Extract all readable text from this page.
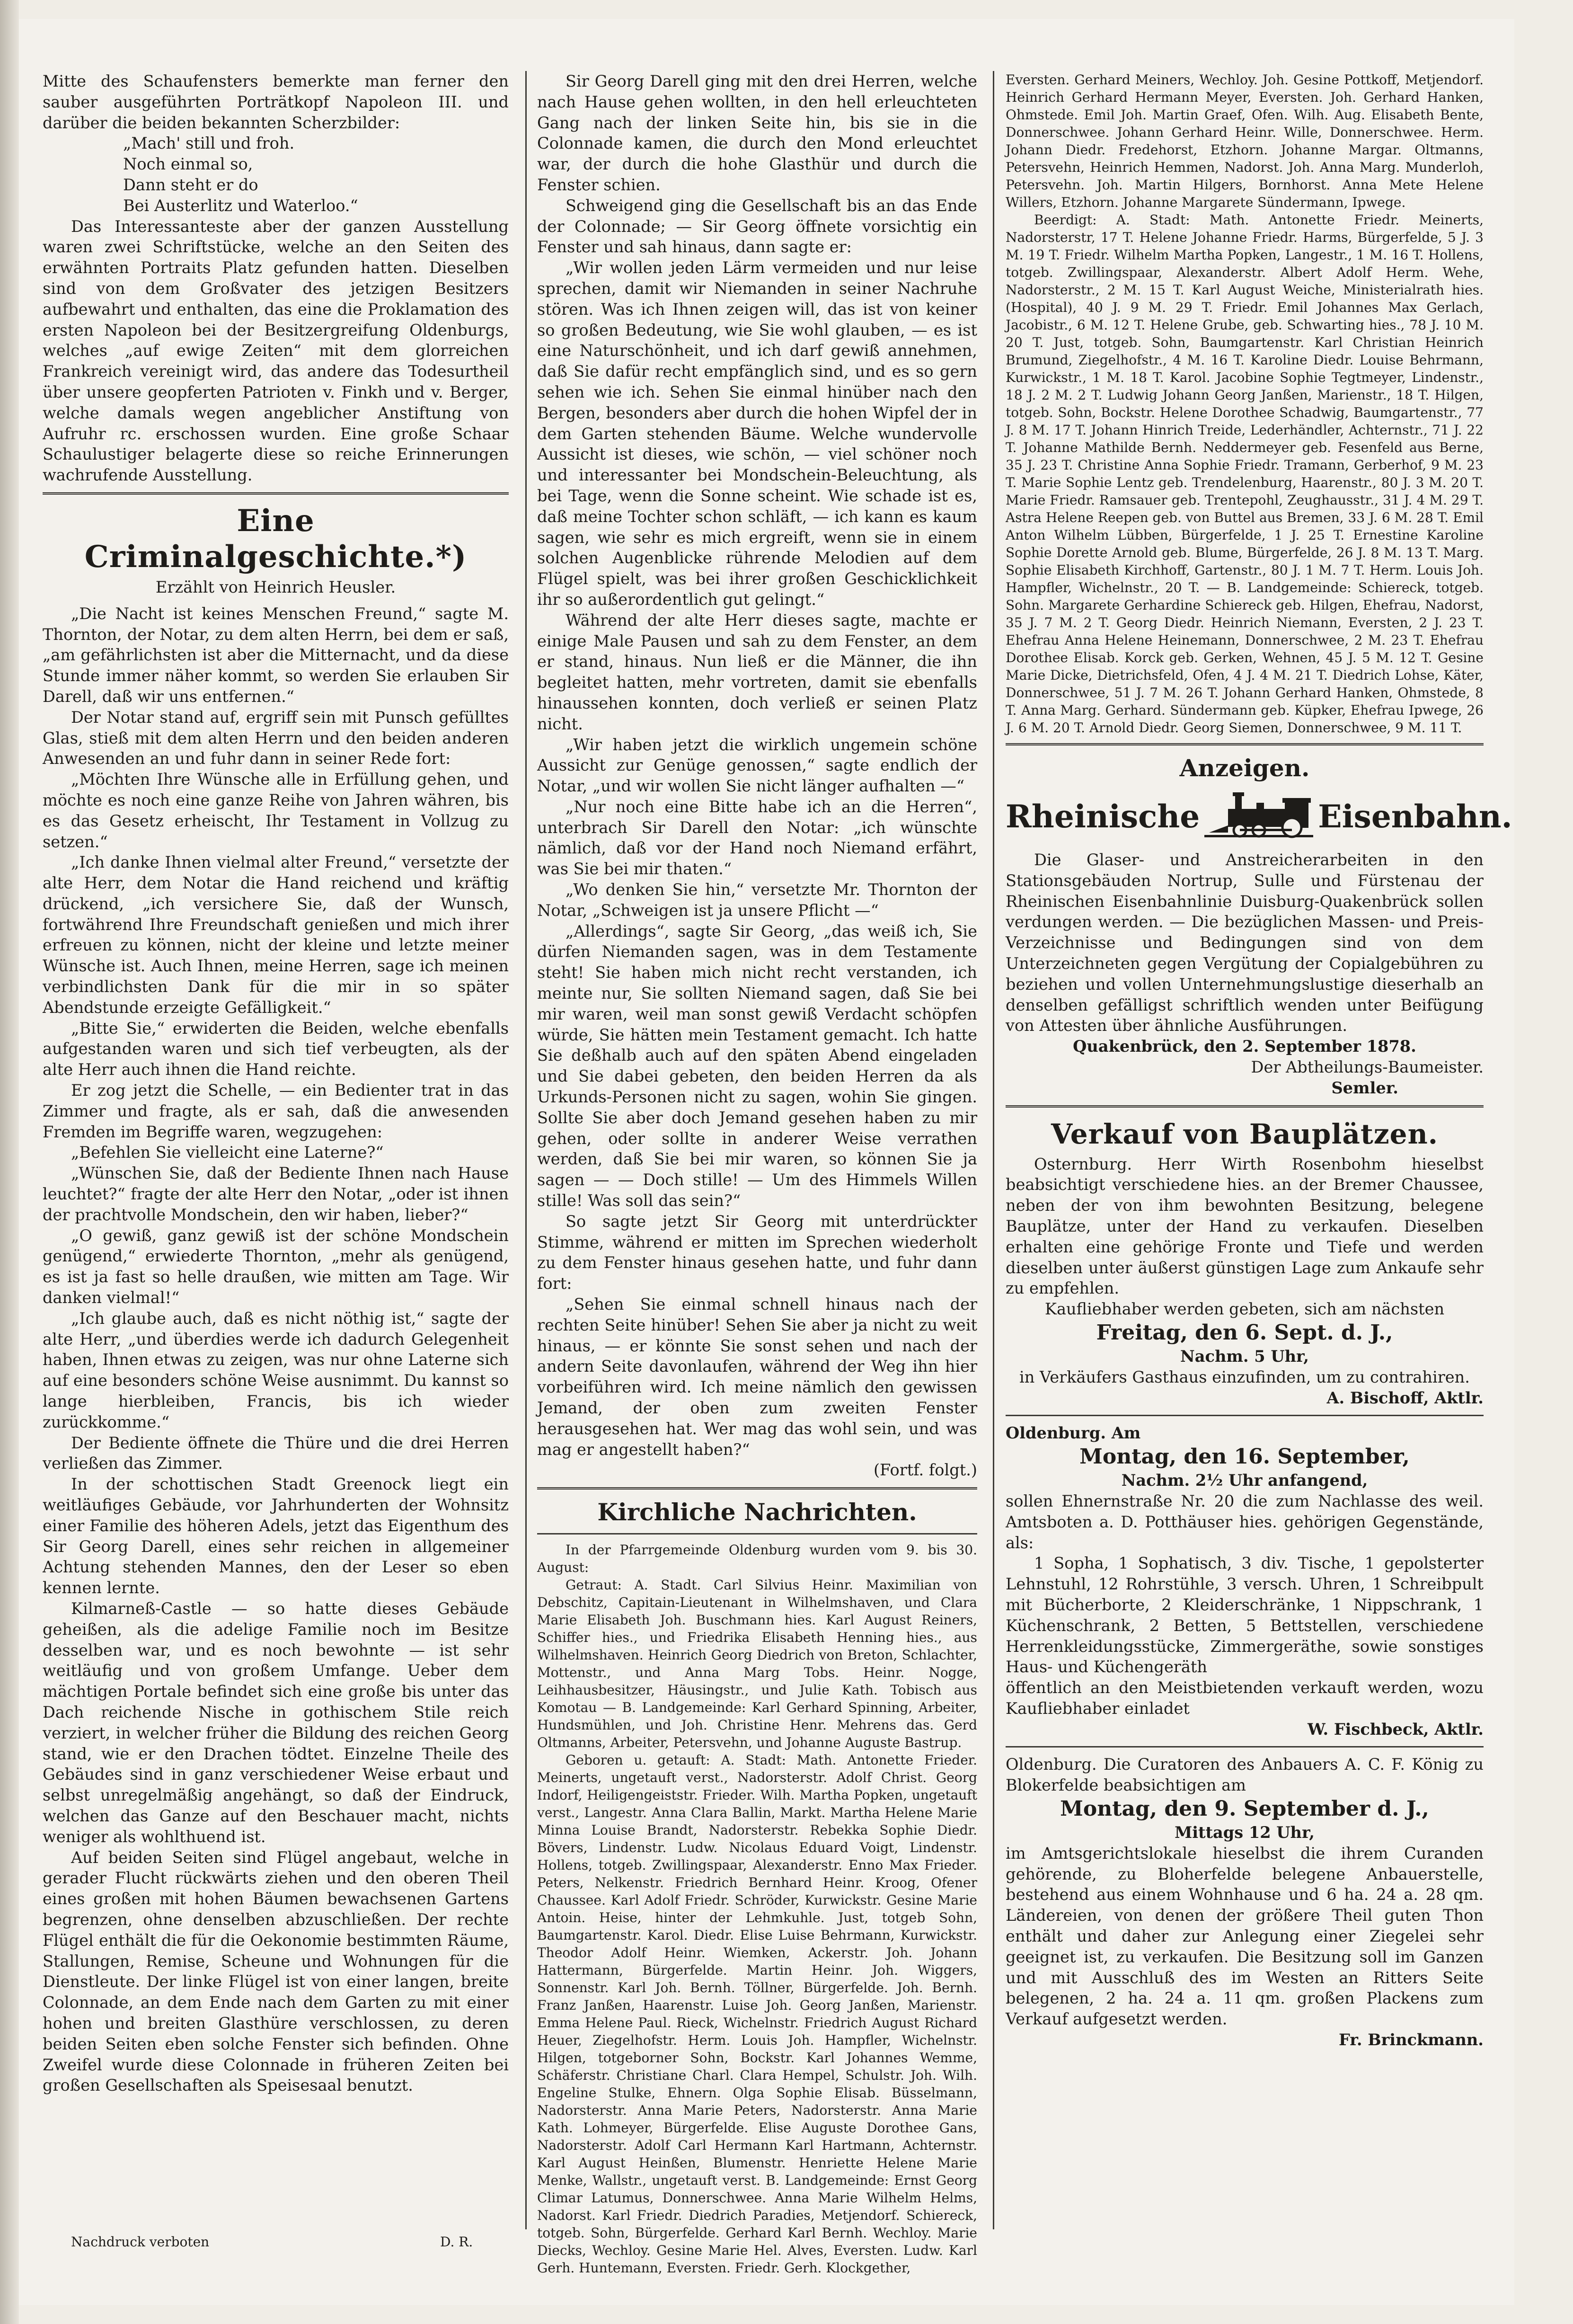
Mitte des Schaufensters bemerkte man ferner den sauber ausgeführten Porträtkopf Napoleon III. und darüber die beiden bekannten Scherzbilder:

„Mach' still und froh.

Noch einmal so,

Dann steht er do

Bei Austerlitz und Waterloo.“

Das Interessanteste aber der ganzen Ausstellung waren zwei Schriftstücke, welche an den Seiten des erwähnten Portraits Platz gefunden hatten. Dieselben sind von dem Großvater des jetzigen Besitzers aufbewahrt und enthalten, das eine die Proklamation des ersten Napoleon bei der Besitzergreifung Oldenburgs, welches „auf ewige Zeiten“ mit dem glorreichen Frankreich vereinigt wird, das andere das Todesurtheil über unsere geopferten Patrioten v. Finkh und v. Berger, welche damals wegen angeblicher Anstiftung von Aufruhr rc. erschossen wurden. Eine große Schaar Schaulustiger belagerte diese so reiche Erinnerungen wachrufende Ausstellung.

Eine Criminalgeschichte.*)

Erzählt von Heinrich Heusler.

„Die Nacht ist keines Menschen Freund,“ sagte M. Thornton, der Notar, zu dem alten Herrn, bei dem er saß, „am gefährlichsten ist aber die Mitternacht, und da diese Stunde immer näher kommt, so werden Sie erlauben Sir Darell, daß wir uns entfernen.“

Der Notar stand auf, ergriff sein mit Punsch gefülltes Glas, stieß mit dem alten Herrn und den beiden anderen Anwesenden an und fuhr dann in seiner Rede fort:

„Möchten Ihre Wünsche alle in Erfüllung gehen, und möchte es noch eine ganze Reihe von Jahren währen, bis es das Gesetz erheischt, Ihr Testament in Vollzug zu setzen.“

„Ich danke Ihnen vielmal alter Freund,“ versetzte der alte Herr, dem Notar die Hand reichend und kräftig drückend, „ich versichere Sie, daß der Wunsch, fortwährend Ihre Freundschaft genießen und mich ihrer erfreuen zu können, nicht der kleine und letzte meiner Wünsche ist. Auch Ihnen, meine Herren, sage ich meinen verbindlichsten Dank für die mir in so später Abendstunde erzeigte Gefälligkeit.“

„Bitte Sie,“ erwiderten die Beiden, welche ebenfalls aufgestanden waren und sich tief verbeugten, als der alte Herr auch ihnen die Hand reichte.

Er zog jetzt die Schelle, — ein Bedienter trat in das Zimmer und fragte, als er sah, daß die anwesenden Fremden im Begriffe waren, wegzugehen:

„Befehlen Sie vielleicht eine Laterne?“

„Wünschen Sie, daß der Bediente Ihnen nach Hause leuchtet?“ fragte der alte Herr den Notar, „oder ist ihnen der prachtvolle Mondschein, den wir haben, lieber?“

„O gewiß, ganz gewiß ist der schöne Mondschein genügend,“ erwiederte Thornton, „mehr als genügend, es ist ja fast so helle draußen, wie mitten am Tage. Wir danken vielmal!“

„Ich glaube auch, daß es nicht nöthig ist,“ sagte der alte Herr, „und überdies werde ich dadurch Gelegenheit haben, Ihnen etwas zu zeigen, was nur ohne Laterne sich auf eine besonders schöne Weise ausnimmt. Du kannst so lange hierbleiben, Francis, bis ich wieder zurückkomme.“

Der Bediente öffnete die Thüre und die drei Herren verließen das Zimmer.

In der schottischen Stadt Greenock liegt ein weitläufiges Gebäude, vor Jahrhunderten der Wohnsitz einer Familie des höheren Adels, jetzt das Eigenthum des Sir Georg Darell, eines sehr reichen in allgemeiner Achtung stehenden Mannes, den der Leser so eben kennen lernte.

Kilmarneß-Castle — so hatte dieses Gebäude geheißen, als die adelige Familie noch im Besitze desselben war, und es noch bewohnte — ist sehr weitläufig und von großem Umfange. Ueber dem mächtigen Portale befindet sich eine große bis unter das Dach reichende Nische in gothischem Stile reich verziert, in welcher früher die Bildung des reichen Georg stand, wie er den Drachen tödtet. Einzelne Theile des Gebäudes sind in ganz verschiedener Weise erbaut und selbst unregelmäßig angehängt, so daß der Eindruck, welchen das Ganze auf den Beschauer macht, nichts weniger als wohlthuend ist.

Auf beiden Seiten sind Flügel angebaut, welche in gerader Flucht rückwärts ziehen und den oberen Theil eines großen mit hohen Bäumen bewachsenen Gartens begrenzen, ohne denselben abzuschließen. Der rechte Flügel enthält die für die Oekonomie bestimmten Räume, Stallungen, Remise, Scheune und Wohnungen für die Dienstleute. Der linke Flügel ist von einer langen, breite Colonnade, an dem Ende nach dem Garten zu mit einer hohen und breiten Glasthüre verschlossen, zu deren beiden Seiten eben solche Fenster sich befinden. Ohne Zweifel wurde diese Colonnade in früheren Zeiten bei großen Gesellschaften als Speisesaal benutzt.

Nachdruck verboten	D. R.

Sir Georg Darell ging mit den drei Herren, welche nach Hause gehen wollten, in den hell erleuchteten Gang nach der linken Seite hin, bis sie in die Colonnade kamen, die durch den Mond erleuchtet war, der durch die hohe Glasthür und durch die Fenster schien.

Schweigend ging die Gesellschaft bis an das Ende der Colonnade; — Sir Georg öffnete vorsichtig ein Fenster und sah hinaus, dann sagte er:

„Wir wollen jeden Lärm vermeiden und nur leise sprechen, damit wir Niemanden in seiner Nachruhe stören. Was ich Ihnen zeigen will, das ist von keiner so großen Bedeutung, wie Sie wohl glauben, — es ist eine Naturschönheit, und ich darf gewiß annehmen, daß Sie dafür recht empfänglich sind, und es so gern sehen wie ich. Sehen Sie einmal hinüber nach den Bergen, besonders aber durch die hohen Wipfel der in dem Garten stehenden Bäume. Welche wundervolle Aussicht ist dieses, wie schön, — viel schöner noch und interessanter bei Mondschein-Beleuchtung, als bei Tage, wenn die Sonne scheint. Wie schade ist es, daß meine Tochter schon schläft, — ich kann es kaum sagen, wie sehr es mich ergreift, wenn sie in einem solchen Augenblicke rührende Melodien auf dem Flügel spielt, was bei ihrer großen Geschicklichkeit ihr so außerordentlich gut gelingt.“

Während der alte Herr dieses sagte, machte er einige Male Pausen und sah zu dem Fenster, an dem er stand, hinaus. Nun ließ er die Männer, die ihn begleitet hatten, mehr vortreten, damit sie ebenfalls hinaussehen konnten, doch verließ er seinen Platz nicht.

„Wir haben jetzt die wirklich ungemein schöne Aussicht zur Genüge genossen,“ sagte endlich der Notar, „und wir wollen Sie nicht länger aufhalten —“

„Nur noch eine Bitte habe ich an die Herren“, unterbrach Sir Darell den Notar: „ich wünschte nämlich, daß vor der Hand noch Niemand erfährt, was Sie bei mir thaten.“

„Wo denken Sie hin,“ versetzte Mr. Thornton der Notar, „Schweigen ist ja unsere Pflicht —“

„Allerdings“, sagte Sir Georg, „das weiß ich, Sie dürfen Niemanden sagen, was in dem Testamente steht! Sie haben mich nicht recht verstanden, ich meinte nur, Sie sollten Niemand sagen, daß Sie bei mir waren, weil man sonst gewiß Verdacht schöpfen würde, Sie hätten mein Testament gemacht. Ich hatte Sie deßhalb auch auf den späten Abend eingeladen und Sie dabei gebeten, den beiden Herren da als Urkunds-Personen nicht zu sagen, wohin Sie gingen. Sollte Sie aber doch Jemand gesehen haben zu mir gehen, oder sollte in anderer Weise verrathen werden, daß Sie bei mir waren, so können Sie ja sagen — — Doch stille! — Um des Himmels Willen stille! Was soll das sein?“

So sagte jetzt Sir Georg mit unterdrückter Stimme, während er mitten im Sprechen wiederholt zu dem Fenster hinaus gesehen hatte, und fuhr dann fort:

„Sehen Sie einmal schnell hinaus nach der rechten Seite hinüber! Sehen Sie aber ja nicht zu weit hinaus, — er könnte Sie sonst sehen und nach der andern Seite davonlaufen, während der Weg ihn hier vorbeiführen wird. Ich meine nämlich den gewissen Jemand, der oben zum zweiten Fenster herausgesehen hat. Wer mag das wohl sein, und was mag er angestellt haben?“

(Fortf. folgt.)

Kirchliche Nachrichten.

In der Pfarrgemeinde Oldenburg wurden vom 9. bis 30. August:

Getraut: A. Stadt. Carl Silvius Heinr. Maximilian von Debschitz, Capitain-Lieutenant in Wilhelmshaven, und Clara Marie Elisabeth Joh. Buschmann hies. Karl August Reiners, Schiffer hies., und Friedrika Elisabeth Henning hies., aus Wilhelmshaven. Heinrich Georg Diedrich von Breton, Schlachter, Mottenstr., und Anna Marg Tobs. Heinr. Nogge, Leihhausbesitzer, Häusingstr., und Julie Kath. Tobisch aus Komotau — B. Landgemeinde: Karl Gerhard Spinning, Arbeiter, Hundsmühlen, und Joh. Christine Henr. Mehrens das. Gerd Oltmanns, Arbeiter, Petersvehn, und Johanne Auguste Bastrup.

Geboren u. getauft: A. Stadt: Math. Antonette Frieder. Meinerts, ungetauft verst., Nadorsterstr. Adolf Christ. Georg Indorf, Heiligengeiststr. Frieder. Wilh. Martha Popken, ungetauft verst., Langestr. Anna Clara Ballin, Markt. Martha Helene Marie Minna Louise Brandt, Nadorsterstr. Rebekka Sophie Diedr. Bövers, Lindenstr. Ludw. Nicolaus Eduard Voigt, Lindenstr. Hollens, totgeb. Zwillingspaar, Alexanderstr. Enno Max Frieder. Peters, Nelkenstr. Friedrich Bernhard Heinr. Kroog, Ofener Chaussee. Karl Adolf Friedr. Schröder, Kurwickstr. Gesine Marie Antoin. Heise, hinter der Lehmkuhle. Just, totgeb Sohn, Baumgartenstr. Karol. Diedr. Elise Luise Behrmann, Kurwickstr. Theodor Adolf Heinr. Wiemken, Ackerstr. Joh. Johann Hattermann, Bürgerfelde. Martin Heinr. Joh. Wiggers, Sonnenstr. Karl Joh. Bernh. Töllner, Bürgerfelde. Joh. Bernh. Franz Janßen, Haarenstr. Luise Joh. Georg Janßen, Marienstr. Emma Helene Paul. Rieck, Wichelnstr. Friedrich August Richard Heuer, Ziegelhofstr. Herm. Louis Joh. Hampfler, Wichelnstr. Hilgen, totgeborner Sohn, Bockstr. Karl Johannes Wemme, Schäferstr. Christiane Charl. Clara Hempel, Schulstr. Joh. Wilh. Engeline Stulke, Ehnern. Olga Sophie Elisab. Büsselmann, Nadorsterstr. Anna Marie Peters, Nadorsterstr. Anna Marie Kath. Lohmeyer, Bürgerfelde. Elise Auguste Dorothee Gans, Nadorsterstr. Adolf Carl Hermann Karl Hartmann, Achternstr. Karl August Heinßen, Blumenstr. Henriette Helene Marie Menke, Wallstr., ungetauft verst. B. Landgemeinde: Ernst Georg Climar Latumus, Donnerschwee. Anna Marie Wilhelm Helms, Nadorst. Karl Friedr. Diedrich Paradies, Metjendorf. Schiereck, totgeb. Sohn, Bürgerfelde. Gerhard Karl Bernh. Wechloy. Marie Diecks, Wechloy. Gesine Marie Hel. Alves, Eversten. Ludw. Karl Gerh. Huntemann, Eversten. Friedr. Gerh. Klockgether,

Eversten. Gerhard Meiners, Wechloy. Joh. Gesine Pottkoff, Metjendorf. Heinrich Gerhard Hermann Meyer, Eversten. Joh. Gerhard Hanken, Ohmstede. Emil Joh. Martin Graef, Ofen. Wilh. Aug. Elisabeth Bente, Donnerschwee. Johann Gerhard Heinr. Wille, Donnerschwee. Herm. Johann Diedr. Fredehorst, Etzhorn. Johanne Margar. Oltmanns, Petersvehn, Heinrich Hemmen, Nadorst. Joh. Anna Marg. Munderloh, Petersvehn. Joh. Martin Hilgers, Bornhorst. Anna Mete Helene Willers, Etzhorn. Johanne Margarete Sündermann, Ipwege.

Beerdigt: A. Stadt: Math. Antonette Friedr. Meinerts, Nadorsterstr, 17 T. Helene Johanne Friedr. Harms, Bürgerfelde, 5 J. 3 M. 19 T. Friedr. Wilhelm Martha Popken, Langestr., 1 M. 16 T. Hollens, totgeb. Zwillingspaar, Alexanderstr. Albert Adolf Herm. Wehe, Nadorsterstr., 2 M. 15 T. Karl August Weiche, Ministerialrath hies. (Hospital), 40 J. 9 M. 29 T. Friedr. Emil Johannes Max Gerlach, Jacobistr., 6 M. 12 T. Helene Grube, geb. Schwarting hies., 78 J. 10 M. 20 T. Just, totgeb. Sohn, Baumgartenstr. Karl Christian Heinrich Brumund, Ziegelhofstr., 4 M. 16 T. Karoline Diedr. Louise Behrmann, Kurwickstr., 1 M. 18 T. Karol. Jacobine Sophie Tegtmeyer, Lindenstr., 18 J. 2 M. 2 T. Ludwig Johann Georg Janßen, Marienstr., 18 T. Hilgen, totgeb. Sohn, Bockstr. Helene Dorothee Schadwig, Baumgartenstr., 77 J. 8 M. 17 T. Johann Hinrich Treide, Lederhändler, Achternstr., 71 J. 22 T. Johanne Mathilde Bernh. Neddermeyer geb. Fesenfeld aus Berne, 35 J. 23 T. Christine Anna Sophie Friedr. Tramann, Gerberhof, 9 M. 23 T. Marie Sophie Lentz geb. Trendelenburg, Haarenstr., 80 J. 3 M. 20 T. Marie Friedr. Ramsauer geb. Trentepohl, Zeughausstr., 31 J. 4 M. 29 T. Astra Helene Reepen geb. von Buttel aus Bremen, 33 J. 6 M. 28 T. Emil Anton Wilhelm Lübben, Bürgerfelde, 1 J. 25 T. Ernestine Karoline Sophie Dorette Arnold geb. Blume, Bürgerfelde, 26 J. 8 M. 13 T. Marg. Sophie Elisabeth Kirchhoff, Gartenstr., 80 J. 1 M. 7 T. Herm. Louis Joh. Hampfler, Wichelnstr., 20 T. — B. Landgemeinde: Schiereck, totgeb. Sohn. Margarete Gerhardine Schiereck geb. Hilgen, Ehefrau, Nadorst, 35 J. 7 M. 2 T. Georg Diedr. Heinrich Niemann, Eversten, 2 J. 23 T. Ehefrau Anna Helene Heinemann, Donnerschwee, 2 M. 23 T. Ehefrau Dorothee Elisab. Korck geb. Gerken, Wehnen, 45 J. 5 M. 12 T. Gesine Marie Dicke, Dietrichsfeld, Ofen, 4 J. 4 M. 21 T. Diedrich Lohse, Käter, Donnerschwee, 51 J. 7 M. 26 T. Johann Gerhard Hanken, Ohmstede, 8 T. Anna Marg. Gerhard. Sündermann geb. Küpker, Ehefrau Ipwege, 26 J. 6 M. 20 T. Arnold Diedr. Georg Siemen, Donnerschwee, 9 M. 11 T.

Anzeigen.
Rheinische	Eisenbahn.

Die Glaser- und Anstreicherarbeiten in den Stationsgebäuden Nortrup, Sulle und Fürstenau der Rheinischen Eisenbahnlinie Duisburg-Quakenbrück sollen verdungen werden. — Die bezüglichen Massen- und Preis-Verzeichnisse und Bedingungen sind von dem Unterzeichneten gegen Vergütung der Copialgebühren zu beziehen und vollen Unternehmungslustige dieserhalb an denselben gefälligst schriftlich wenden unter Beifügung von Attesten über ähnliche Ausführungen.

Quakenbrück, den 2. September 1878.

Der Abtheilungs-Baumeister.

Semler.

Verkauf von Bauplätzen.

Osternburg. Herr Wirth Rosenbohm hieselbst beabsichtigt verschiedene hies. an der Bremer Chaussee, neben der von ihm bewohnten Besitzung, belegene Bauplätze, unter der Hand zu verkaufen. Dieselben erhalten eine gehörige Fronte und Tiefe und werden dieselben unter äußerst günstigen Lage zum Ankaufe sehr zu empfehlen.

Kaufliebhaber werden gebeten, sich am nächsten

Freitag, den 6. Sept. d. J.,

Nachm. 5 Uhr,

in Verkäufers Gasthaus einzufinden, um zu contrahiren.

A. Bischoff, Aktlr.

Oldenburg. Am

Montag, den 16. September,

Nachm. 2½ Uhr anfangend,

sollen Ehnernstraße Nr. 20 die zum Nachlasse des weil. Amtsboten a. D. Potthäuser hies. gehörigen Gegenstände, als:

1 Sopha, 1 Sophatisch, 3 div. Tische, 1 gepolsterter Lehnstuhl, 12 Rohrstühle, 3 versch. Uhren, 1 Schreibpult mit Bücherborte, 2 Kleiderschränke, 1 Nippschrank, 1 Küchenschrank, 2 Betten, 5 Bettstellen, verschiedene Herrenkleidungsstücke, Zimmergeräthe, sowie sonstiges Haus- und Küchengeräth

öffentlich an den Meistbietenden verkauft werden, wozu Kaufliebhaber einladet

W. Fischbeck, Aktlr.

Oldenburg. Die Curatoren des Anbauers A. C. F. König zu Blokerfelde beabsichtigen am

Montag, den 9. September d. J.,

Mittags 12 Uhr,

im Amtsgerichtslokale hieselbst die ihrem Curanden gehörende, zu Bloherfelde belegene Anbauerstelle, bestehend aus einem Wohnhause und 6 ha. 24 a. 28 qm. Ländereien, von denen der größere Theil guten Thon enthält und daher zur Anlegung einer Ziegelei sehr geeignet ist, zu verkaufen. Die Besitzung soll im Ganzen und mit Ausschluß des im Westen an Ritters Seite belegenen, 2 ha. 24 a. 11 qm. großen Plackens zum Verkauf aufgesetzt werden.

Fr. Brinckmann.
